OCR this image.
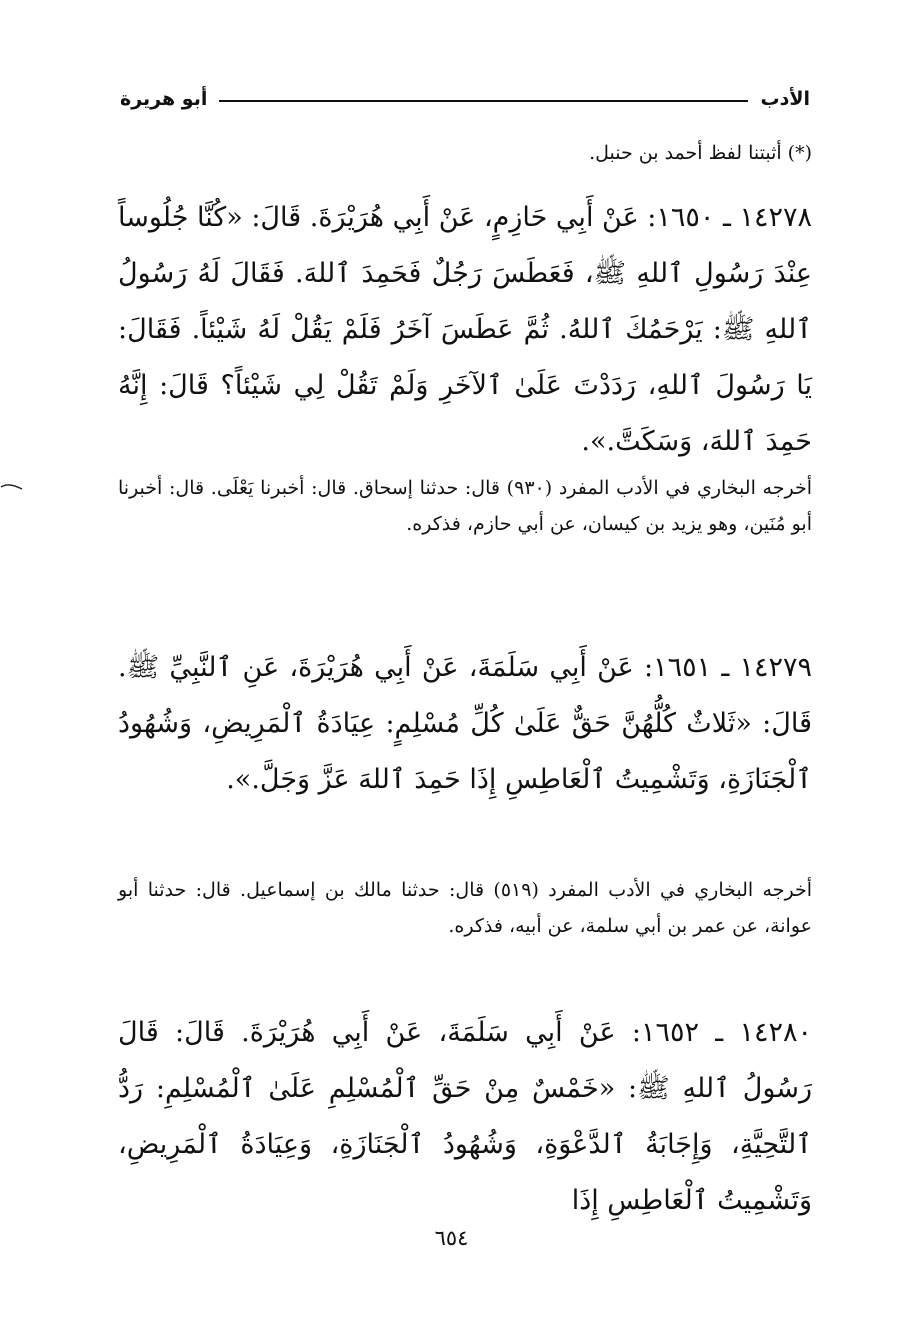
الأدب
أبو هريرة

(*) أثبتنا لفظ أحمد بن حنبل.

١٤٢٧٨ ـ ١٦٥٠: عَنْ أَبِي حَازِمٍ، عَنْ أَبِي هُرَيْرَةَ. قَالَ: «كُنَّا جُلُوساً عِنْدَ رَسُولِ ٱللهِ ﷺ، فَعَطَسَ رَجُلٌ فَحَمِدَ ٱللهَ. فَقَالَ لَهُ رَسُولُ ٱللهِ ﷺ: يَرْحَمُكَ ٱللهُ. ثُمَّ عَطَسَ آخَرُ فَلَمْ يَقُلْ لَهُ شَيْئاً. فَقَالَ: يَا رَسُولَ ٱللهِ، رَدَدْتَ عَلَىٰ ٱلآخَرِ وَلَمْ تَقُلْ لِي شَيْئاً؟ قَالَ: إِنَّهُ حَمِدَ ٱللهَ، وَسَكَتَّ.».

أخرجه البخاري في الأدب المفرد (٩٣٠) قال: حدثنا إسحاق. قال: أخبرنا يَعْلَى. قال: أخبرنا أبو مُنَين، وهو يزيد بن كيسان، عن أبي حازم، فذكره.

١٤٢٧٩ ـ ١٦٥١: عَنْ أَبِي سَلَمَةَ، عَنْ أَبِي هُرَيْرَةَ، عَنِ ٱلنَّبِيِّ ﷺ. قَالَ: «ثَلاثٌ كُلُّهُنَّ حَقٌّ عَلَىٰ كُلِّ مُسْلِمٍ: عِيَادَةُ ٱلْمَرِيضِ، وَشُهُودُ ٱلْجَنَازَةِ، وَتَشْمِيتُ ٱلْعَاطِسِ إِذَا حَمِدَ ٱللهَ عَزَّ وَجَلَّ.».

أخرجه البخاري في الأدب المفرد (٥١٩) قال: حدثنا مالك بن إسماعيل. قال: حدثنا أبو عوانة، عن عمر بن أبي سلمة، عن أبيه، فذكره.

١٤٢٨٠ ـ ١٦٥٢: عَنْ أَبِي سَلَمَةَ، عَنْ أَبِي هُرَيْرَةَ. قَالَ: قَالَ رَسُولُ ٱللهِ ﷺ: «خَمْسٌ مِنْ حَقِّ ٱلْمُسْلِمِ عَلَىٰ ٱلْمُسْلِمِ: رَدُّ ٱلتَّحِيَّةِ، وَإِجَابَةُ ٱلدَّعْوَةِ، وَشُهُودُ ٱلْجَنَازَةِ، وَعِيَادَةُ ٱلْمَرِيضِ، وَتَشْمِيتُ ٱلْعَاطِسِ إِذَا

٦٥٤
